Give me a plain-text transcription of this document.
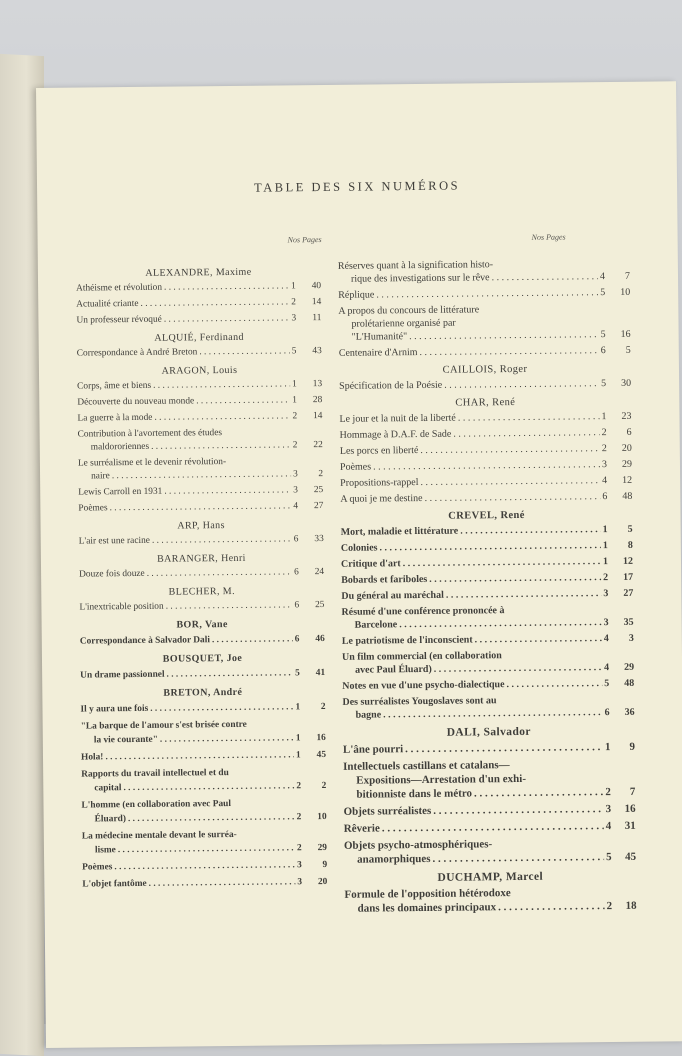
TABLE DES SIX NUMÉROS
Nos Pages	Nos Pages
ALEXANDRE, Maxime
Athéisme et révolution . . .	1 40
Actualité criante . . .	2 14
Un professeur révoqué . . .	3 11
ALQUIÉ, Ferdinand
Correspondance à André Breton . . .	5 43
ARAGON, Louis
Corps, âme et biens . . .	1 13
Découverte du nouveau monde . . .	1 28
La guerre à la mode . . .	2 14
Contribution à l'avortement des études
maldororiennes . . .	2 22
Le surréalisme et le devenir révolution-
naire . . .	3 2
Lewis Carroll en 1931 . . .	3 25
Poèmes . . .	4 27
ARP, Hans
L'air est une racine . . .	6 33
BARANGER, Henri
Douze fois douze . . .	6 24
BLECHER, M.
L'inextricable position . . .	6 25
BOR, Vane
Correspondance à Salvador Dali . . .	6 46
BOUSQUET, Joe
Un drame passionnel . . .	5 41
BRETON, André
Il y aura une fois . . .	1 2
"La barque de l'amour s'est brisée contre
la vie courante" . . .	1 16
Hola! . . .	1 45
Rapports du travail intellectuel et du
capital . . .	2 2
L'homme (en collaboration avec Paul
Éluard) . . .	2 10
La médecine mentale devant le surréa-
lisme . . .	2 29
Poèmes . . .	3 9
L'objet fantôme . . .	3 20
Réserves quant à la signification histo-
rique des investigations sur le rêve . . .	4 7
Réplique . . .	5 10
A propos du concours de littérature
prolétarienne organisé par
"L'Humanité" . . .	5 16
Centenaire d'Arnim . . .	6 5
CAILLOIS, Roger
Spécification de la Poésie . . .	5 30
CHAR, René
Le jour et la nuit de la liberté . . .	1 23
Hommage à D.A.F. de Sade . . .	2 6
Les porcs en liberté . . .	2 20
Poèmes . . .	3 29
Propositions-rappel . . .	4 12
A quoi je me destine . . .	6 48
CREVEL, René
Mort, maladie et littérature . . .	1 5
Colonies . . .	1 8
Critique d'art . . .	1 12
Bobards et fariboles . . .	2 17
Du général au maréchal . . .	3 27
Résumé d'une conférence prononcée à
Barcelone . . .	3 35
Le patriotisme de l'inconscient . . .	4 3
Un film commercial (en collaboration
avec Paul Éluard) . . .	4 29
Notes en vue d'une psycho-dialectique . . .	5 48
Des surréalistes Yougoslaves sont au
bagne . . .	6 36
DALI, Salvador
L'âne pourri . . .	1 9
Intellectuels castillans et catalans—
Expositions—Arrestation d'un exhi-
bitionniste dans le métro . . .	2 7
Objets surréalistes . . .	3 16
Rêverie . . .	4 31
Objets psycho-atmosphériques-
anamorphiques . . .	5 45
DUCHAMP, Marcel
Formule de l'opposition hétérodoxe
dans les domaines principaux . . .	2 18
